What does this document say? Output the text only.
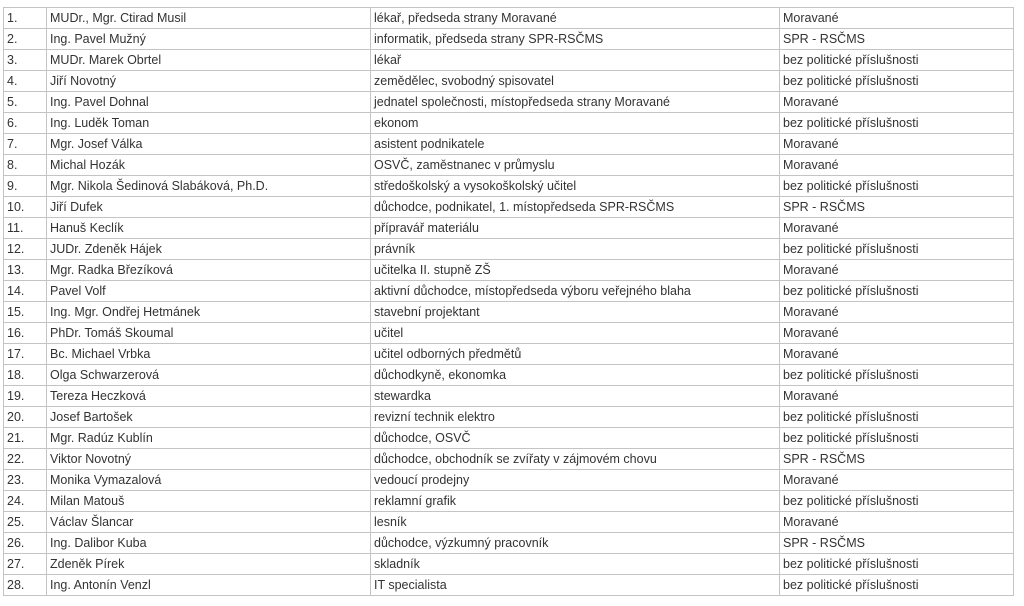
1.	MUDr., Mgr. Ctirad Musil	lékař, předseda strany Moravané	Moravané
2.	Ing. Pavel Mužný	informatik, předseda strany SPR-RSČMS	SPR - RSČMS
3.	MUDr. Marek Obrtel	lékař	bez politické příslušnosti
4.	Jiří Novotný	zemědělec, svobodný spisovatel	bez politické příslušnosti
5.	Ing. Pavel Dohnal	jednatel společnosti, místopředseda strany Moravané	Moravané
6.	Ing. Luděk Toman	ekonom	bez politické příslušnosti
7.	Mgr. Josef Válka	asistent podnikatele	Moravané
8.	Michal Hozák	OSVČ, zaměstnanec v průmyslu	Moravané
9.	Mgr. Nikola Šedinová Slabáková, Ph.D.	středoškolský a vysokoškolský učitel	bez politické příslušnosti
10.	Jiří Dufek	důchodce, podnikatel, 1. místopředseda SPR-RSČMS	SPR - RSČMS
11.	Hanuš Keclík	přípravář materiálu	Moravané
12.	JUDr. Zdeněk Hájek	právník	bez politické příslušnosti
13.	Mgr. Radka Březíková	učitelka II. stupně ZŠ	Moravané
14.	Pavel Volf	aktivní důchodce, místopředseda výboru veřejného blaha	bez politické příslušnosti
15.	Ing. Mgr. Ondřej Hetmánek	stavební projektant	Moravané
16.	PhDr. Tomáš Skoumal	učitel	Moravané
17.	Bc. Michael Vrbka	učitel odborných předmětů	Moravané
18.	Olga Schwarzerová	důchodkyně, ekonomka	bez politické příslušnosti
19.	Tereza Heczková	stewardka	Moravané
20.	Josef Bartošek	revizní technik elektro	bez politické příslušnosti
21.	Mgr. Radúz Kublín	důchodce, OSVČ	bez politické příslušnosti
22.	Viktor Novotný	důchodce, obchodník se zvířaty v zájmovém chovu	SPR - RSČMS
23.	Monika Vymazalová	vedoucí prodejny	Moravané
24.	Milan Matouš	reklamní grafik	bez politické příslušnosti
25.	Václav Šlancar	lesník	Moravané
26.	Ing. Dalibor Kuba	důchodce, výzkumný pracovník	SPR - RSČMS
27.	Zdeněk Pírek	skladník	bez politické příslušnosti
28.	Ing. Antonín Venzl	IT specialista	bez politické příslušnosti
